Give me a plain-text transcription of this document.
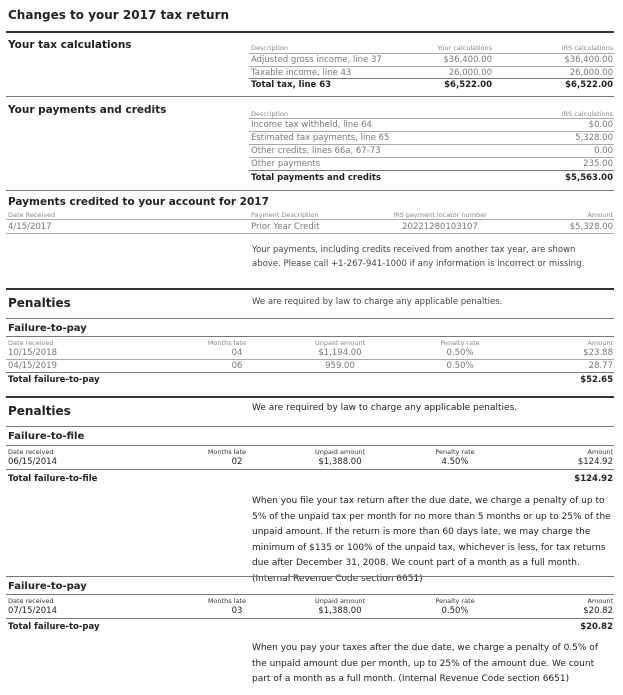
Changes to your 2017 tax return
Your tax calculations	Description	Your calculations	IRS calculations
Adjusted gross income, line 37	$36,400.00	$36,400.00
Taxable income, line 43	26,000.00	26,000.00
Total tax, line 63	$6,522.00	$6,522.00
Your payments and credits	Description	IRS calculations
Income tax withheld, line 64	$0.00
Estimated tax payments, line 65	5,328.00
Other credits, lines 66a, 67-73	0.00
Other payments	235.00
Total payments and credits	$5,563.00
Payments credited to your account for 2017
Date Received	Payment Description	IRS payment locator number	Amount
4/15/2017	Prior Year Credit	20221280103107	$5,328.00
Your payments, including credits received from another tax year, are shown above. Please call +1-267-941-1000 if any information is incorrect or missing.
Penalties	We are required by law to charge any applicable penalties.
Failure-to-pay
Date received	Months late	Unpaid amount	Penalty rate	Amount
10/15/2018	04	$1,194.00	0.50%	$23.88
04/15/2019	06	959.00	0.50%	28.77
Total failure-to-pay	$52.65
Penalties	We are required by law to charge any applicable penalties.
Failure-to-file
Date received	Months late	Unpaid amount	Penalty rate	Amount
06/15/2014	02	$1,388.00	4.50%	$124.92
Total failure-to-file	$124.92
When you file your tax return after the due date, we charge a penalty of up to 5% of the unpaid tax per month for no more than 5 months or up to 25% of the unpaid amount. If the return is more than 60 days late, we may charge the minimum of $135 or 100% of the unpaid tax, whichever is less, for tax returns due after December 31, 2008. We count part of a month as a full month. (Internal Revenue Code section 6651)
Failure-to-pay
Date received	Months late	Unpaid amount	Penalty rate	Amount
07/15/2014	03	$1,388.00	0.50%	$20.82
Total failure-to-pay	$20.82
When you pay your taxes after the due date, we charge a penalty of 0.5% of the unpaid amount due per month, up to 25% of the amount due. We count part of a month as a full month. (Internal Revenue Code section 6651)
